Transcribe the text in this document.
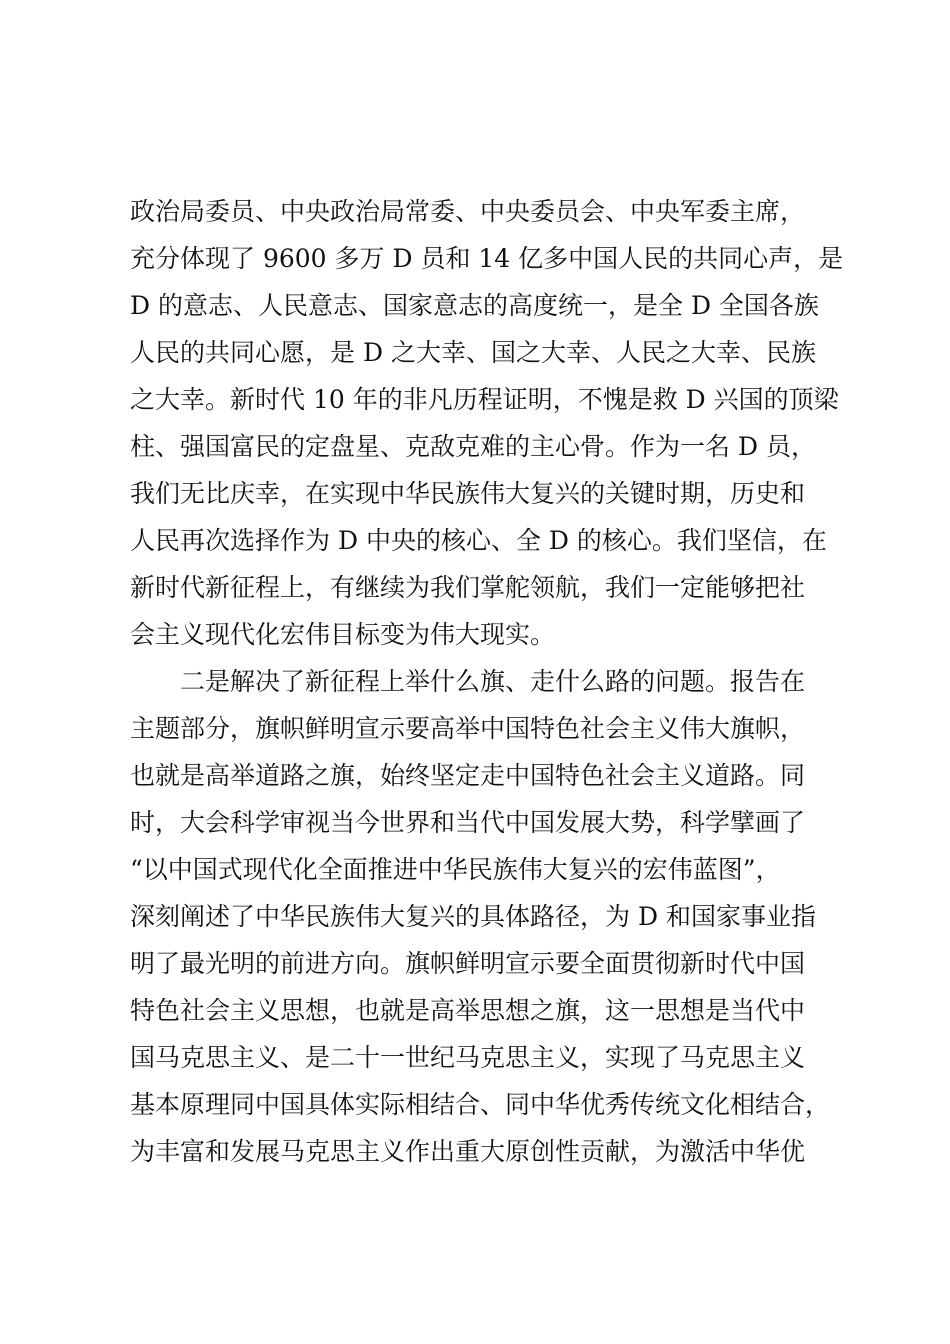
政治局委员、中央政治局常委、中央委员会、中央军委主席，
充分体现了 9600 多万 D 员和 14 亿多中国人民的共同心声，是
D 的意志、人民意志、国家意志的高度统一，是全 D 全国各族
人民的共同心愿，是 D 之大幸、国之大幸、人民之大幸、民族
之大幸。新时代 10 年的非凡历程证明，不愧是救 D 兴国的顶梁
柱、强国富民的定盘星、克敌克难的主心骨。作为一名 D 员，
我们无比庆幸，在实现中华民族伟大复兴的关键时期，历史和
人民再次选择作为 D 中央的核心、全 D 的核心。我们坚信，在
新时代新征程上，有继续为我们掌舵领航，我们一定能够把社
会主义现代化宏伟目标变为伟大现实。
二是解决了新征程上举什么旗、走什么路的问题。报告在
主题部分，旗帜鲜明宣示要高举中国特色社会主义伟大旗帜，
也就是高举道路之旗，始终坚定走中国特色社会主义道路。同
时，大会科学审视当今世界和当代中国发展大势，科学擘画了
“以中国式现代化全面推进中华民族伟大复兴的宏伟蓝图”，
深刻阐述了中华民族伟大复兴的具体路径，为 D 和国家事业指
明了最光明的前进方向。旗帜鲜明宣示要全面贯彻新时代中国
特色社会主义思想，也就是高举思想之旗，这一思想是当代中
国马克思主义、是二十一世纪马克思主义，实现了马克思主义
基本原理同中国具体实际相结合、同中华优秀传统文化相结合，
为丰富和发展马克思主义作出重大原创性贡献，为激活中华优
